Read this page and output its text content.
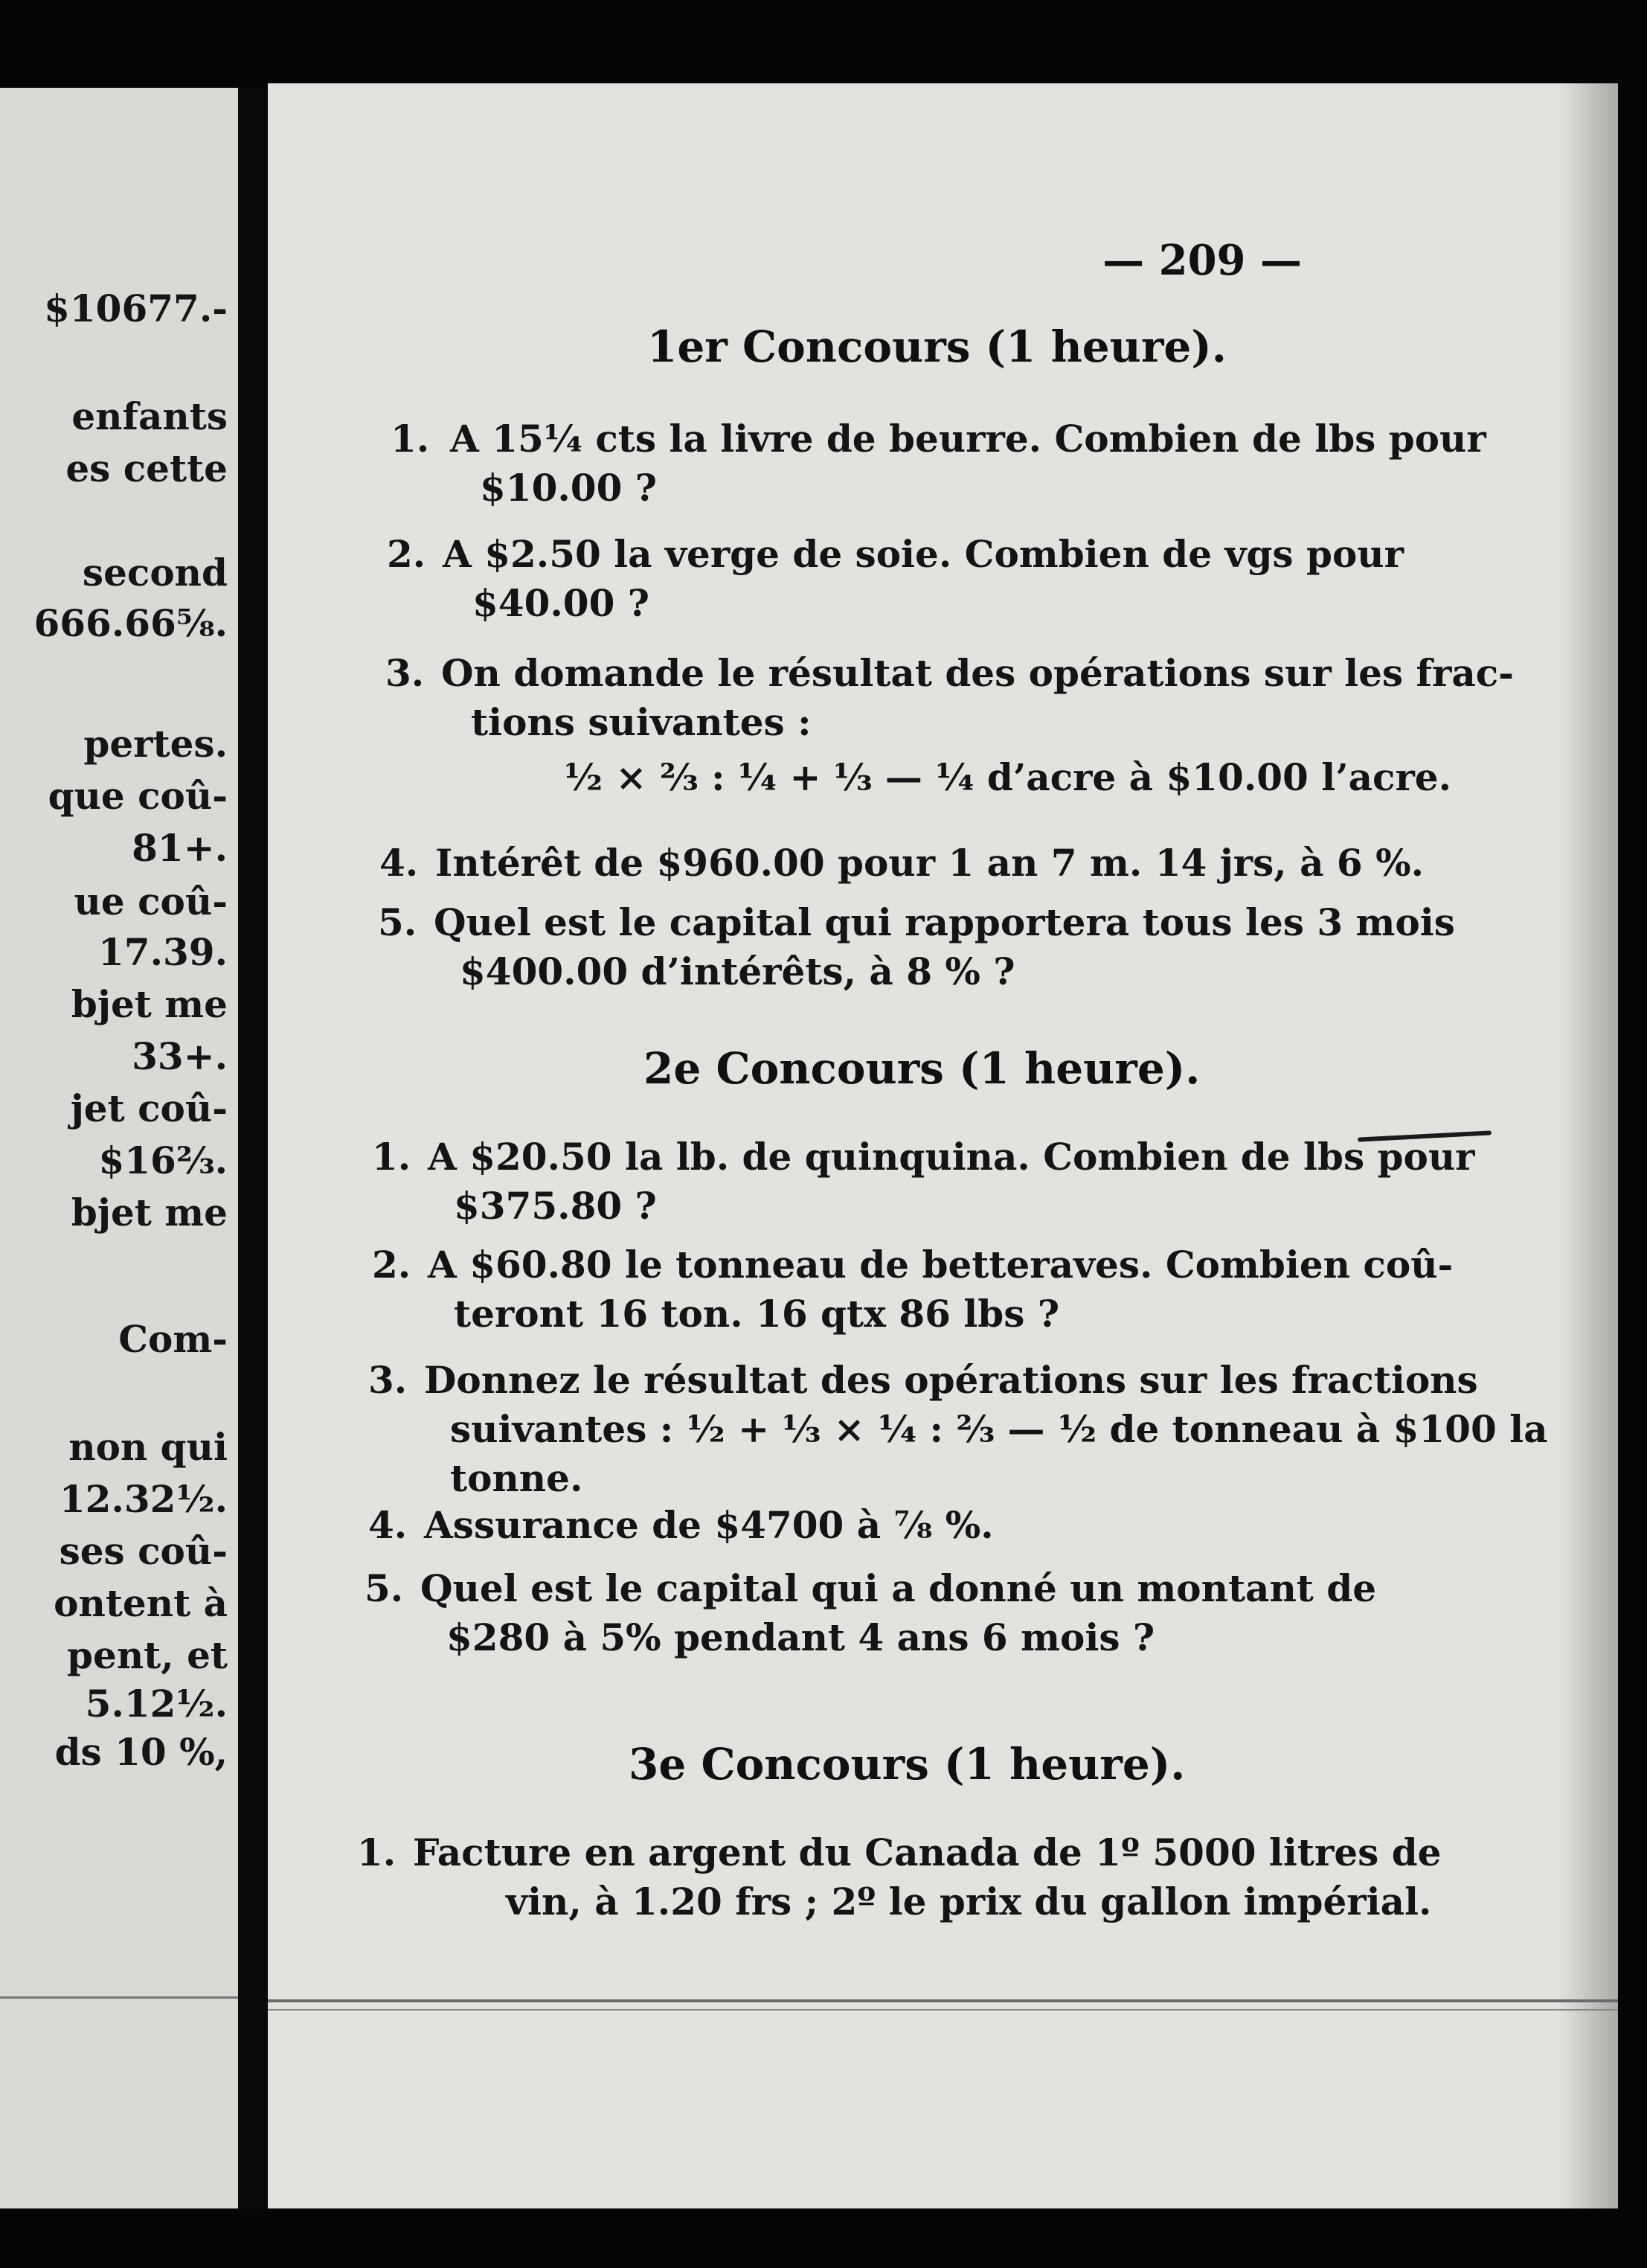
$10677.-
enfants
es cette
second
666.66⅝.
pertes.
que coû-
81+.
ue coû-
17.39.
bjet me
33+.
jet coû-
$16⅔.
bjet me
Com-
non qui
12.32½.
ses coû-
ontent à
pent, et
5.12½.
ds 10 %,
— 209 —
1er Concours (1 heure).
1. A 15¼ cts la livre de beurre. Combien de lbs pour
$10.00 ?
2. A $2.50 la verge de soie. Combien de vgs pour
$40.00 ?
3. On domande le résultat des opérations sur les frac-
tions suivantes :
½ × ⅔ : ¼ + ⅓ — ¼ d’acre à $10.00 l’acre.
4. Intérêt de $960.00 pour 1 an 7 m. 14 jrs, à 6 %.
5. Quel est le capital qui rapportera tous les 3 mois
$400.00 d’intérêts, à 8 % ?
2e Concours (1 heure).
1. A $20.50 la lb. de quinquina. Combien de lbs pour
$375.80 ?
2. A $60.80 le tonneau de betteraves. Combien coû-
teront 16 ton. 16 qtx 86 lbs ?
3. Donnez le résultat des opérations sur les fractions
suivantes : ½ + ⅓ × ¼ : ⅔ — ½ de tonneau à $100 la
tonne.
4. Assurance de $4700 à ⅞ %.
5. Quel est le capital qui a donné un montant de
$280 à 5% pendant 4 ans 6 mois ?
3e Concours (1 heure).
1. Facture en argent du Canada de 1º 5000 litres de
vin, à 1.20 frs ; 2º le prix du gallon impérial.
